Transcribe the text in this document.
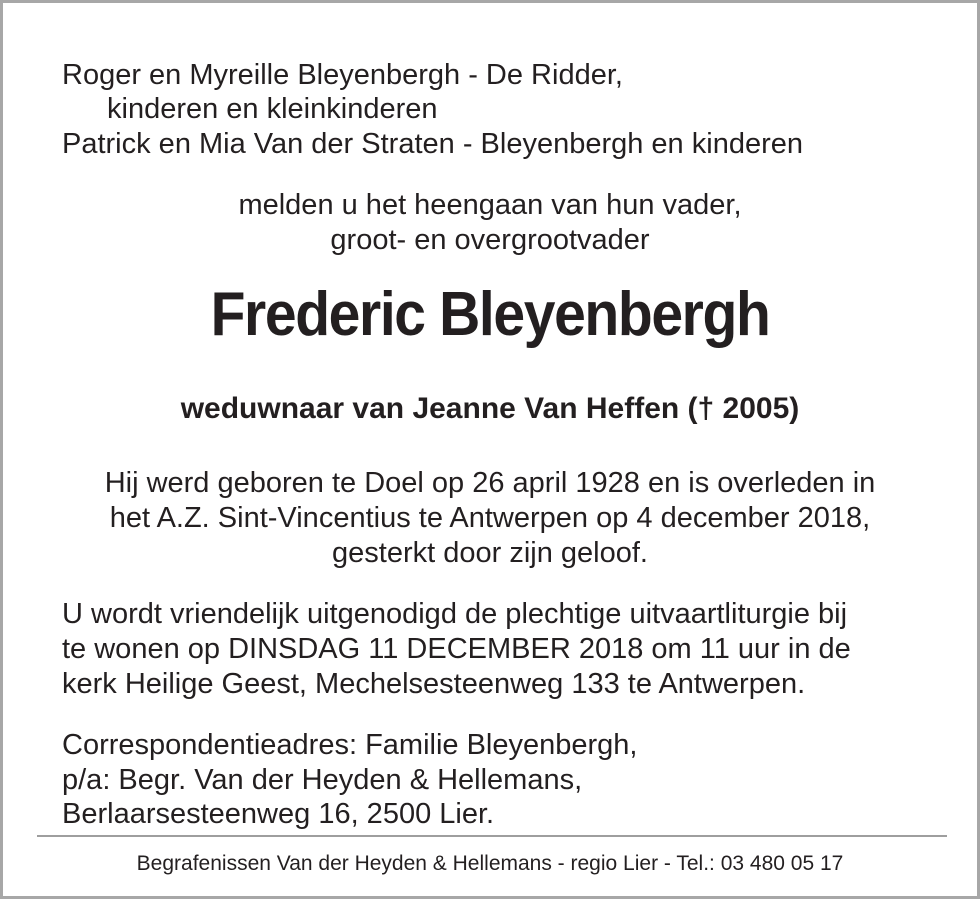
Roger en Myreille Bleyenbergh - De Ridder,
kinderen en kleinkinderen
Patrick en Mia Van der Straten - Bleyenbergh en kinderen
melden u het heengaan van hun vader,
groot- en overgrootvader
Frederic Bleyenbergh
weduwnaar van Jeanne Van Heffen († 2005)
Hij werd geboren te Doel op 26 april 1928 en is overleden in
het A.Z. Sint-Vincentius te Antwerpen op 4 december 2018,
gesterkt door zijn geloof.
U wordt vriendelijk uitgenodigd de plechtige uitvaartliturgie bij
te wonen op DINSDAG 11 DECEMBER 2018 om 11 uur in de
kerk Heilige Geest, Mechelsesteenweg 133 te Antwerpen.
Correspondentieadres: Familie Bleyenbergh,
p/a: Begr. Van der Heyden & Hellemans,
Berlaarsesteenweg 16, 2500 Lier.
Begrafenissen Van der Heyden & Hellemans - regio Lier - Tel.: 03 480 05 17
